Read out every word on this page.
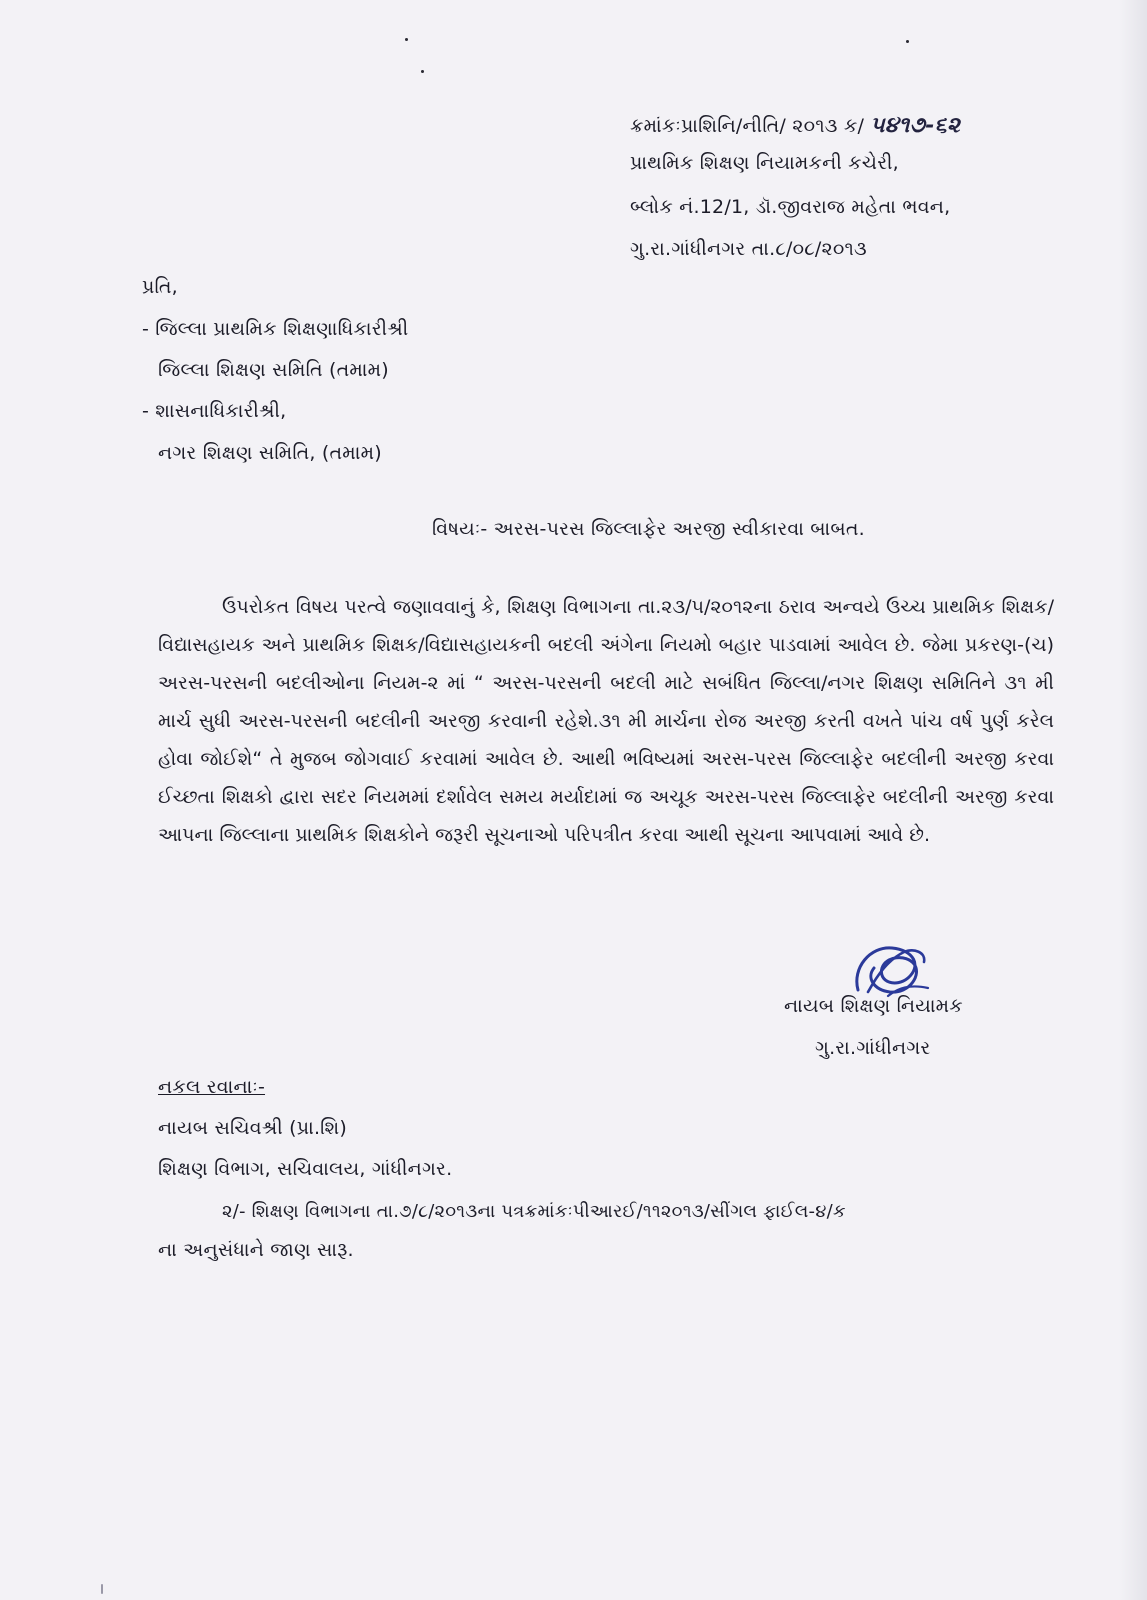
ક્રમાંકઃપ્રાશિનિ/નીતિ/ ૨૦૧૩ ક/ ૫૪૧૭-૬૨
પ્રાથમિક શિક્ષણ નિયામકની કચેરી,
બ્લોક નં.12/1, ડૉ.જીવરાજ મહેતા ભવન,
ગુ.રા.ગાંધીનગર તા.૮/૦૮/૨૦૧૩
પ્રતિ,
- જિલ્લા પ્રાથમિક શિક્ષણાધિકારીશ્રી
જિલ્લા શિક્ષણ સમિતિ (તમામ)
- શાસનાધિકારીશ્રી,
નગર શિક્ષણ સમિતિ, (તમામ)
વિષયઃ- અરસ-પરસ જિલ્લાફેર અરજી સ્વીકારવા બાબત.
ઉપરોકત વિષય પરત્વે જણાવવાનું કે, શિક્ષણ વિભાગના તા.૨૩/૫/૨૦૧૨ના ઠરાવ અન્વયે ઉચ્ચ પ્રાથમિક શિક્ષક/વિદ્યાસહાયક અને પ્રાથમિક શિક્ષક/વિદ્યાસહાયકની બદલી અંગેના નિયમો બહાર પાડવામાં આવેલ છે. જેમા પ્રકરણ-(ચ) અરસ-પરસની બદલીઓના નિયમ-૨ માં “ અરસ-પરસની બદલી માટે સબંધિત જિલ્લા/નગર શિક્ષણ સમિતિને ૩૧ મી માર્ચ સુધી અરસ-પરસની બદલીની અરજી કરવાની રહેશે.૩૧ મી માર્ચના રોજ અરજી કરતી વખતે પાંચ વર્ષ પુર્ણ કરેલ હોવા જોઈશે“ તે મુજબ જોગવાઈ કરવામાં આવેલ છે. આથી ભવિષ્યમાં અરસ-પરસ જિલ્લાફેર બદલીની અરજી કરવા ઈચ્છતા શિક્ષકો દ્વારા સદર નિયમમાં દર્શાવેલ સમય મર્યાદામાં જ અચૂક અરસ-પરસ જિલ્લાફેર બદલીની અરજી કરવા આપના જિલ્લાના પ્રાથમિક શિક્ષકોને જરૂરી સૂચનાઓ પરિપત્રીત કરવા આથી સૂચના આપવામાં આવે છે.
નાયબ શિક્ષણ નિયામક
ગુ.રા.ગાંધીનગર
નકલ રવાનાઃ-
નાયબ સચિવશ્રી (પ્રા.શિ)
શિક્ષણ વિભાગ, સચિવાલય, ગાંધીનગર.
૨/- શિક્ષણ વિભાગના તા.૭/૮/૨૦૧૩ના પત્રક્રમાંકઃપીઆરઈ/૧૧૨૦૧૩/સીંગલ ફાઈલ-૪/ક
ના અનુસંધાને જાણ સારૂ.
